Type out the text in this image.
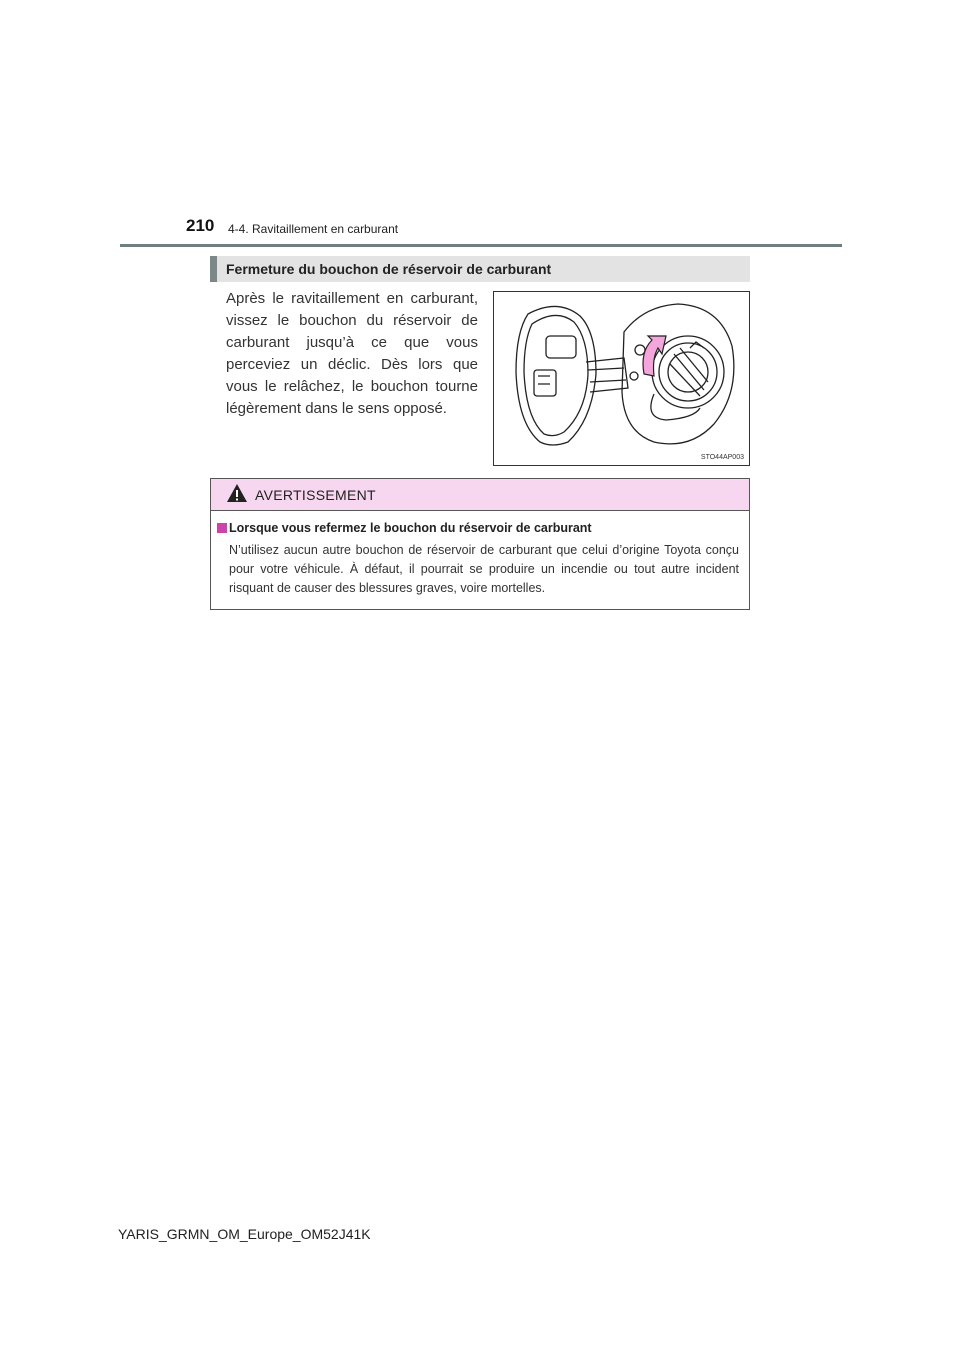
210 4-4. Ravitaillement en carburant
Fermeture du bouchon de réservoir de carburant
Après le ravitaillement en carburant, vissez le bouchon du réservoir de carburant jusqu’à ce que vous perceviez un déclic. Dès lors que vous le relâchez, le bouchon tourne légèrement dans le sens opposé.
STO44AP003
AVERTISSEMENT
Lorsque vous refermez le bouchon du réservoir de carburant
N’utilisez aucun autre bouchon de réservoir de carburant que celui d’origine Toyota conçu pour votre véhicule. À défaut, il pourrait se produire un incendie ou tout autre incident risquant de causer des blessures graves, voire mortelles.
YARIS_GRMN_OM_Europe_OM52J41K
